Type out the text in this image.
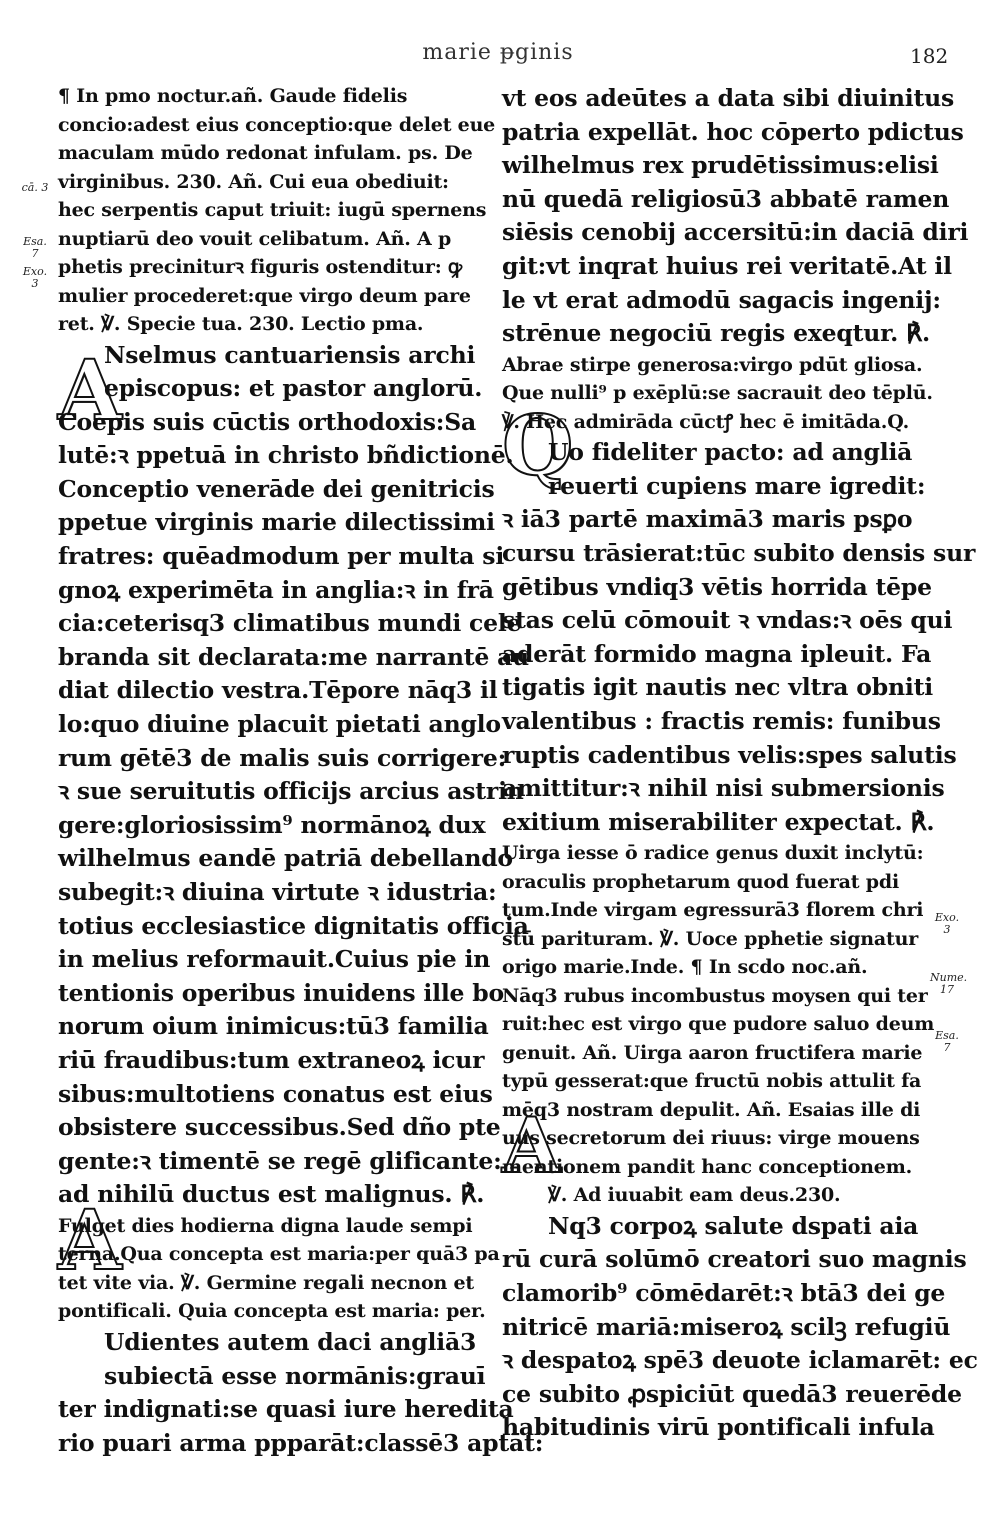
marie ᵽginis	182
cā. 3
Esa. 7
Exo. 3
Exo. 3
Nume. 17
Esa. 7
A
A
Q
A
¶ In pmo noctur.añ. Gaude fidelis
concio:adest eius conceptio:que delet eue
maculam mūdo redonat infulam. ps. De
virginibus. 230. Añ. Cui eua obediuit:
hec serpentis caput triuit: iugū spernens
nuptiarū deo vouit celibatum. Añ. A p
phetis preciniturꝛ figuris ostenditur: ꝙ
mulier procederet:que virgo deum pare
ret. ℣. Specie tua. 230. Lectio pma.
Nselmus cantuariensis archi
episcopus: et pastor anglorū.
Coepis suis cūctis orthodoxis:Sa
lutē:ꝛ ppetuā in christo bñdictionē.
Conceptio venerāde dei genitricis
ppetue virginis marie dilectissimi
fratres: quēadmodum per multa si
gnoꝝ experimēta in anglia:ꝛ in frā
cia:ceterisq3 climatibus mundi cele
branda sit declarata:me narrantē au
diat dilectio vestra.Tēpore nāq3 il
lo:quo diuine placuit pietati anglo
rum gētē3 de malis suis corrigere:
ꝛ sue seruitutis officijs arcius astrin
gere:gloriosissim⁹ normānoꝝ dux
wilhelmus eandē patriā debellando
subegit:ꝛ diuina virtute ꝛ idustria:
totius ecclesiastice dignitatis officia
in melius reformauit.Cuius pie in
tentionis operibus inuidens ille bo
norum oium inimicus:tū3 familia
riū fraudibus:tum extraneoꝝ icur
sibus:multotiens conatus est eius
obsistere successibus.Sed dño pte
gente:ꝛ timentē se regē glificante:
ad nihilū ductus est malignus. ℟.
Fulget dies hodierna digna laude sempi
terna.Qua concepta est maria:per quā3 pa
tet vite via. ℣. Germine regali necnon et
pontificali. Quia concepta est maria: per.
Udientes autem daci angliā3
subiectā esse normānis:grauī
ter indignati:se quasi iure heredita
rio puari arma ppparāt:classē3 aptāt:
vt eos adeūtes a data sibi diuinitus
patria expellāt. hoc cōperto pdictus
wilhelmus rex prudētissimus:elisi
nū quedā religiosū3 abbatē ramen
siēsis cenobij accersitū:in daciā diri
git:vt inqrat huius rei veritatē.At il
le vt erat admodū sagacis ingenij:
strēnue negociū regis exeqtur. ℟.
Abrae stirpe generosa:virgo pdūt gliosa.
Que nulli⁹ p exēplū:se sacrauit deo tēplū.
℣. Hec admirāda cūctꝭ hec ē imitāda.Q.
Uo fideliter pacto: ad angliā
reuerti cupiens mare igredit:
ꝛ iā3 partē maximā3 maris psꝑo
cursu trāsierat:tūc subito densis sur
gētibus vndiq3 vētis horrida tēpe
stas celū cōmouit ꝛ vndas:ꝛ oēs qui
aderāt formido magna ipleuit. Fa
tigatis igit nautis nec vltra obniti
valentibus : fractis remis: funibus
ruptis cadentibus velis:spes salutis
amittitur:ꝛ nihil nisi submersionis
exitium miserabiliter expectat. ℟.
Uirga iesse ō radice genus duxit inclytū:
oraculis prophetarum quod fuerat pdi
tum.Inde virgam egressurā3 florem chri
stū parituram. ℣. Uoce pphetie signatur
origo marie.Inde. ¶ In scdo noc.añ.
Nāq3 rubus incombustus moysen qui ter
ruit:hec est virgo que pudore saluo deum
genuit. Añ. Uirga aaron fructifera marie
typū gesserat:que fructū nobis attulit fa
mēq3 nostram depulit. Añ. Esaias ille di
uus secretorum dei riuus: virge mouens
mentionem pandit hanc conceptionem.
℣. Ad iuuabit eam deus.230.
Nq3 corpoꝝ salute dspati aia
rū curā solūmō creatori suo magnis
clamorib⁹ cōmēdarēt:ꝛ btā3 dei ge
nitricē mariā:miseroꝝ scilꝫ refugiū
ꝛ despatoꝝ spē3 deuote iclamarēt: ec
ce subito ꝓspiciūt quedā3 reuerēde
habitudinis virū pontificali infula
